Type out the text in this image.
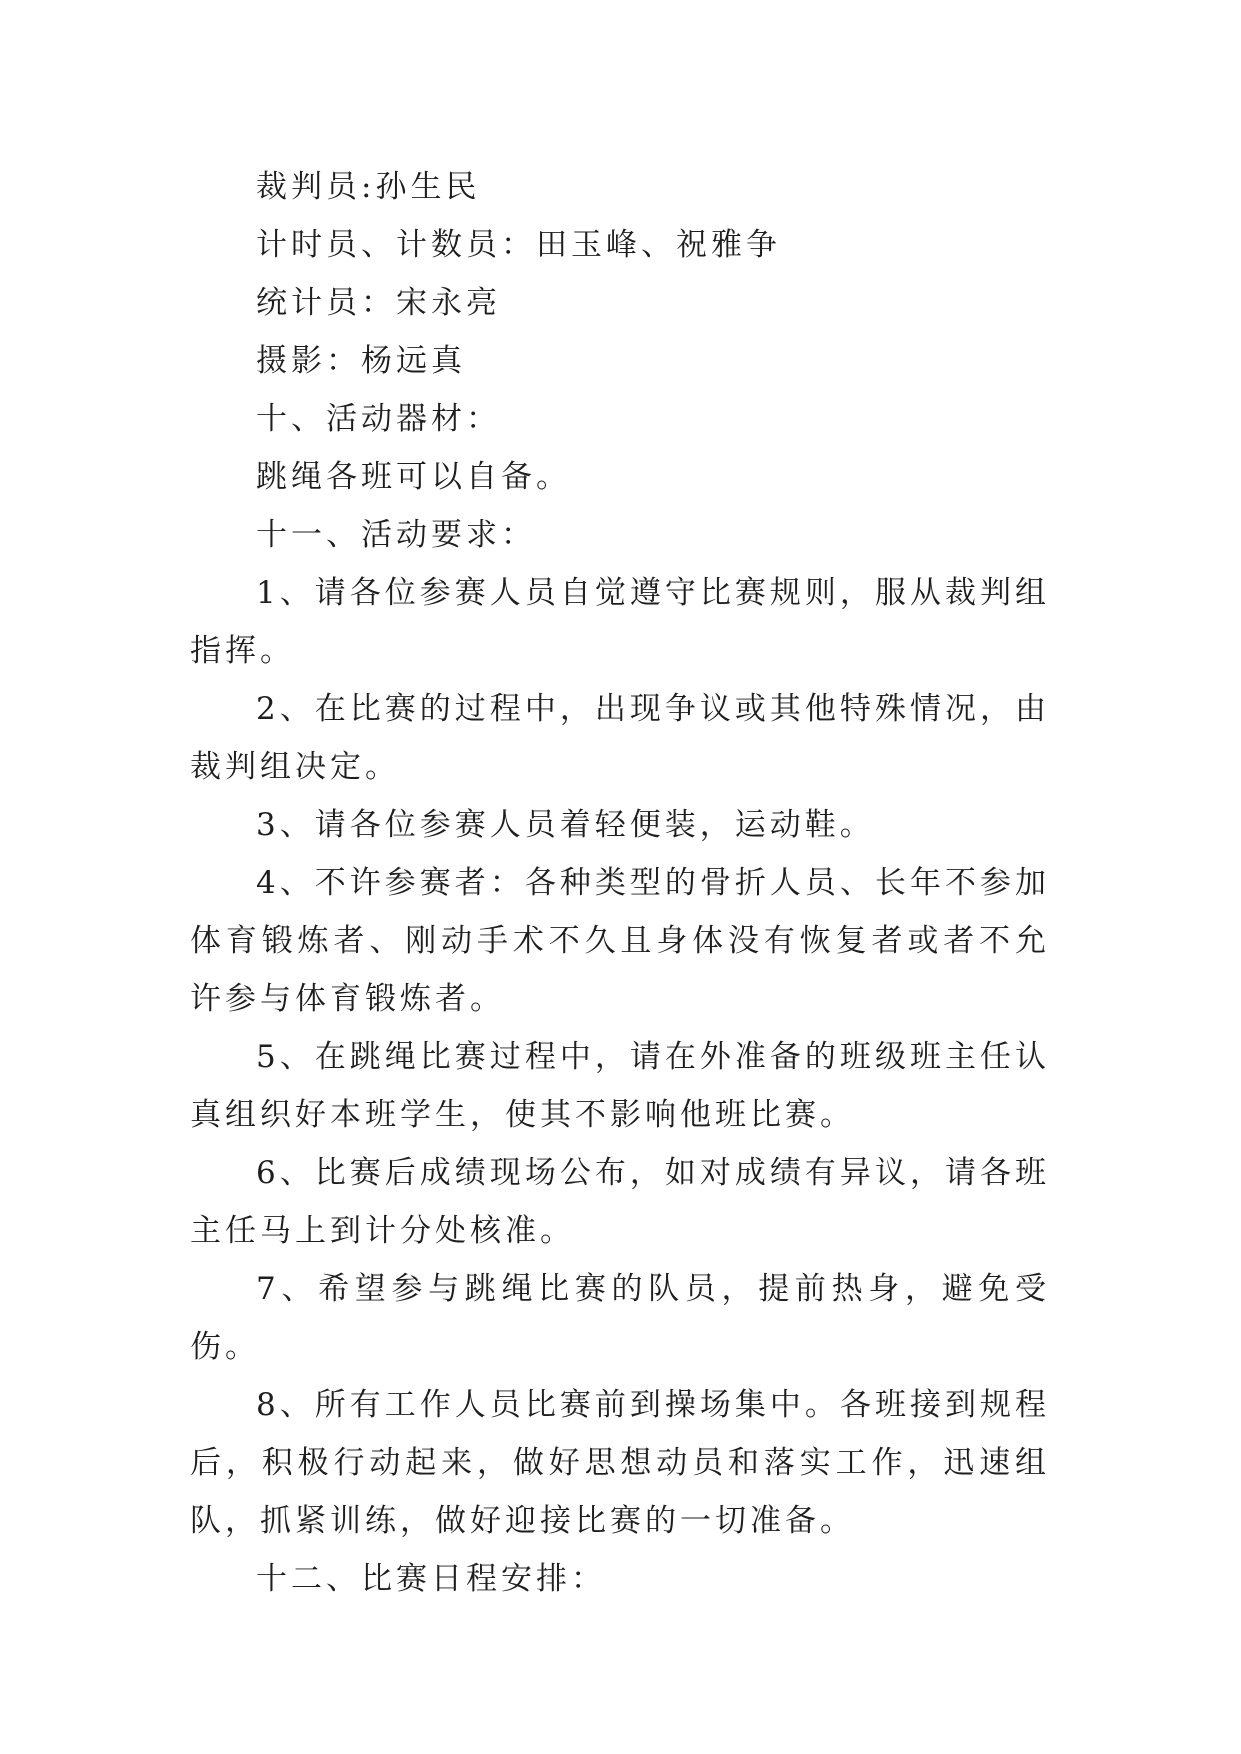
裁判员:孙生民

计时员、计数员：田玉峰、祝雅争

统计员：宋永亮

摄影：杨远真

十、活动器材：

跳绳各班可以自备。

十一、活动要求：

1、请各位参赛人员自觉遵守比赛规则，服从裁判组指挥。

2、在比赛的过程中，出现争议或其他特殊情况，由裁判组决定。

3、请各位参赛人员着轻便装，运动鞋。

4、不许参赛者：各种类型的骨折人员、长年不参加体育锻炼者、刚动手术不久且身体没有恢复者或者不允许参与体育锻炼者。

5、在跳绳比赛过程中，请在外准备的班级班主任认真组织好本班学生，使其不影响他班比赛。

6、比赛后成绩现场公布，如对成绩有异议，请各班主任马上到计分处核准。

7、希望参与跳绳比赛的队员，提前热身，避免受伤。

8、所有工作人员比赛前到操场集中。各班接到规程后，积极行动起来，做好思想动员和落实工作，迅速组队，抓紧训练，做好迎接比赛的一切准备。

十二、比赛日程安排：
